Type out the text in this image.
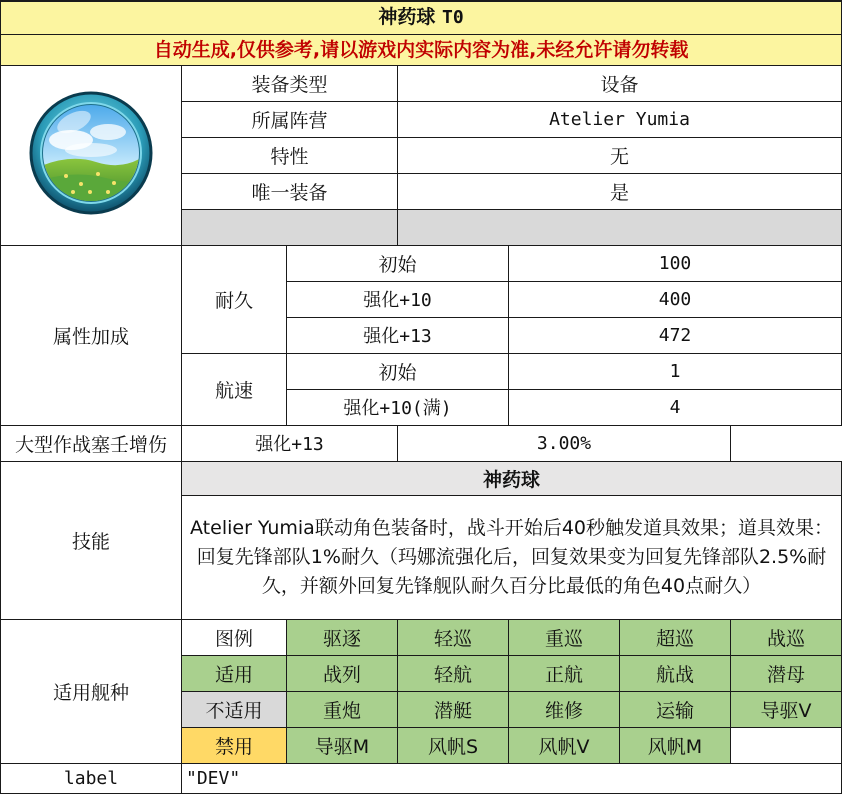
神药球 T0						
自动生成,仅供参考,请以游戏内实际内容为准,未经允许请勿转载						
	装备类型		设备			
	所属阵营		Atelier Yumia			
	特性		无			
	唯一装备		是			

属性加成	耐久	初始		100		
		强化+10		400		
		强化+13		472		
	航速	初始		1		
		强化+10(满)		4		
大型作战塞壬增伤	强化+13		3.00%			
技能	神药球					
	Atelier Yumia联动角色装备时，战斗开始后40秒触发道具效果；道具效果：回复先锋部队1%耐久（玛娜流强化后，回复效果变为回复先锋部队2.5%耐久，并额外回复先锋舰队耐久百分比最低的角色40点耐久）					
适用舰种	图例	驱逐	轻巡	重巡	超巡	战巡
	适用	战列	轻航	正航	航战	潜母
	不适用	重炮	潜艇	维修	运输	导驱V
	禁用	导驱M	风帆S	风帆V	风帆M	
label	"DEV"					
